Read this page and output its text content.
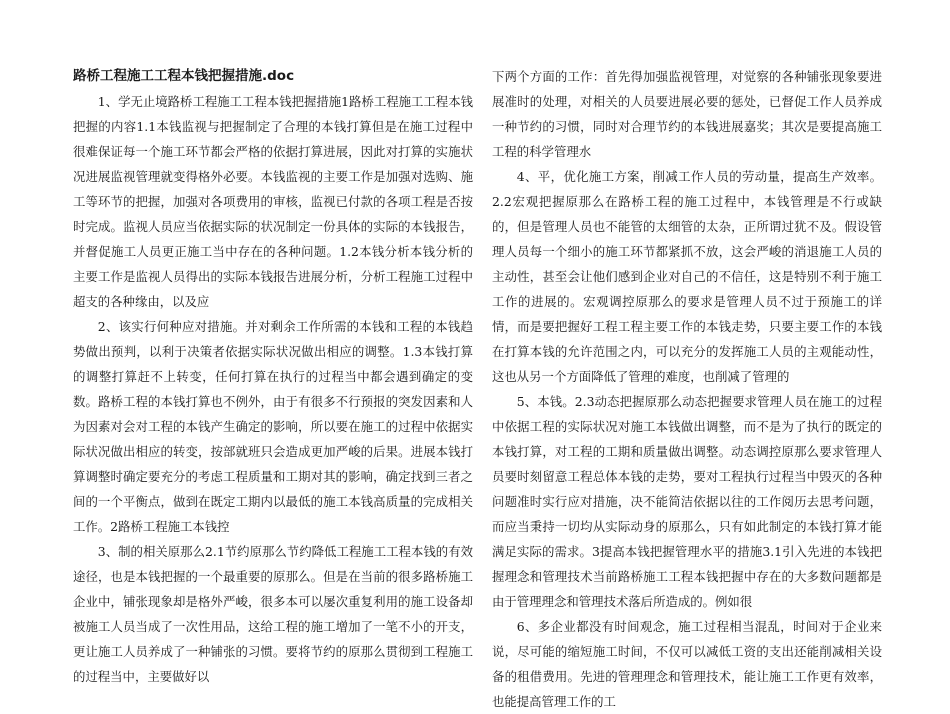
路桥工程施工工程本钱把握措施.doc

1、学无止境路桥工程施工工程本钱把握措施1路桥工程施工工程本钱把握的内容1.1本钱监视与把握制定了合理的本钱打算但是在施工过程中很难保证每一个施工环节都会严格的依据打算进展，因此对打算的实施状况进展监视管理就变得格外必要。本钱监视的主要工作是加强对选购、施工等环节的把握，加强对各项费用的审核，监视已付款的各项工程是否按时完成。监视人员应当依据实际的状况制定一份具体的实际的本钱报告，并督促施工人员更正施工当中存在的各种问题。1.2本钱分析本钱分析的主要工作是监视人员得出的实际本钱报告进展分析，分析工程施工过程中超支的各种缘由，以及应

2、该实行何种应对措施。并对剩余工作所需的本钱和工程的本钱趋势做出预判，以利于决策者依据实际状况做出相应的调整。1.3本钱打算的调整打算赶不上转变，任何打算在执行的过程当中都会遇到确定的变数。路桥工程的本钱打算也不例外，由于有很多不行预报的突发因素和人为因素对会对工程的本钱产生确定的影响，所以要在施工的过程中依据实际状况做出相应的转变，按部就班只会造成更加严峻的后果。进展本钱打算调整时确定要充分的考虑工程质量和工期对其的影响，确定找到三者之间的一个平衡点，做到在既定工期内以最低的施工本钱高质量的完成相关工作。2路桥工程施工本钱控

3、制的相关原那么2.1节约原那么节约降低工程施工工程本钱的有效途径，也是本钱把握的一个最重要的原那么。但是在当前的很多路桥施工企业中，铺张现象却是格外严峻，很多本可以屡次重复利用的施工设备却被施工人员当成了一次性用品，这给工程的施工增加了一笔不小的开支，更让施工人员养成了一种铺张的习惯。要将节约的原那么贯彻到工程施工的过程当中，主要做好以

下两个方面的工作：首先得加强监视管理，对觉察的各种铺张现象要进展准时的处理，对相关的人员要进展必要的惩处，已督促工作人员养成一种节约的习惯，同时对合理节约的本钱进展嘉奖；其次是要提高施工工程的科学管理水

4、平，优化施工方案，削减工作人员的劳动量，提高生产效率。2.2宏观把握原那么在路桥工程的施工过程中，本钱管理是不行或缺的，但是管理人员也不能管的太细管的太杂，正所谓过犹不及。假设管理人员每一个细小的施工环节都紧抓不放，这会严峻的消退施工人员的主动性，甚至会让他们感到企业对自己的不信任，这是特别不利于施工工作的进展的。宏观调控原那么的要求是管理人员不过于预施工的详情，而是要把握好工程工程主要工作的本钱走势，只要主要工作的本钱在打算本钱的允许范围之内，可以充分的发挥施工人员的主观能动性，这也从另一个方面降低了管理的难度，也削减了管理的

5、本钱。2.3动态把握原那么动态把握要求管理人员在施工的过程中依据工程的实际状况对施工本钱做出调整，而不是为了执行的既定的本钱打算，对工程的工期和质量做出调整。动态调控原那么要求管理人员要时刻留意工程总体本钱的走势，要对工程执行过程当中毁灭的各种问题准时实行应对措施，决不能简洁依据以往的工作阅历去思考问题，而应当秉持一切均从实际动身的原那么，只有如此制定的本钱打算才能满足实际的需求。3提高本钱把握管理水平的措施3.1引入先进的本钱把握理念和管理技术当前路桥施工工程本钱把握中存在的大多数问题都是由于管理理念和管理技术落后所造成的。例如很

6、多企业都没有时间观念，施工过程相当混乱，时间对于企业来说，尽可能的缩短施工时间，不仅可以减低工资的支出还能削减相关设备的租借费用。先进的管理理念和管理技术，能让施工工作更有效率，也能提高管理工作的工
